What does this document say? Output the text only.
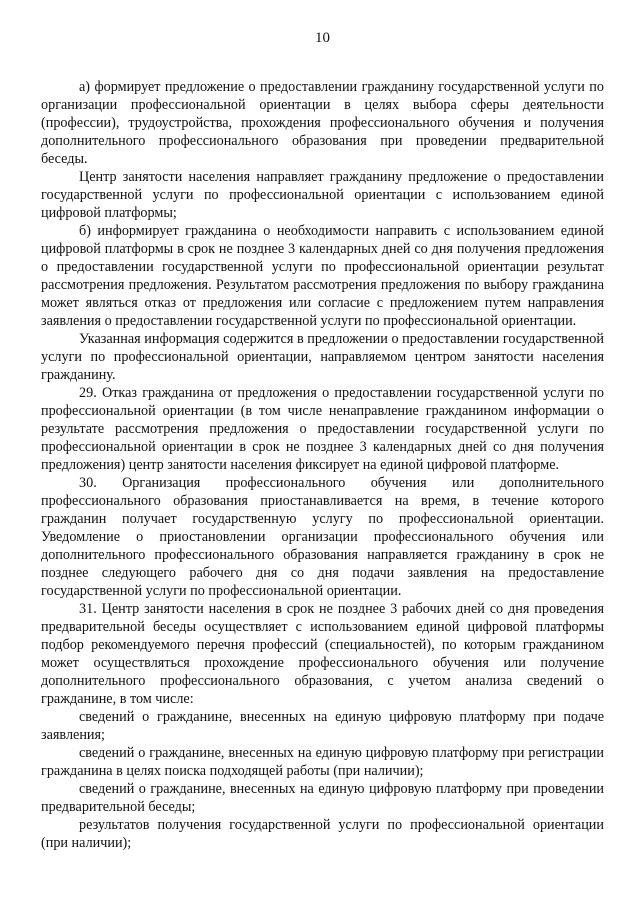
10

а) формирует предложение о предоставлении гражданину государственной услуги по организации профессиональной ориентации в целях выбора сферы деятельности (профессии), трудоустройства, прохождения профессионального обучения и получения дополнительного профессионального образования при проведении предварительной беседы.

Центр занятости населения направляет гражданину предложение о предоставлении государственной услуги по профессиональной ориентации с использованием единой цифровой платформы;

б) информирует гражданина о необходимости направить с использованием единой цифровой платформы в срок не позднее 3 календарных дней со дня получения предложения о предоставлении государственной услуги по профессиональной ориентации результат рассмотрения предложения. Результатом рассмотрения предложения по выбору гражданина может являться отказ от предложения или согласие с предложением путем направления заявления о предоставлении государственной услуги по профессиональной ориентации.

Указанная информация содержится в предложении о предоставлении государственной услуги по профессиональной ориентации, направляемом центром занятости населения гражданину.

29. Отказ гражданина от предложения о предоставлении государственной услуги по профессиональной ориентации (в том числе ненаправление гражданином информации о результате рассмотрения предложения о предоставлении государственной услуги по профессиональной ориентации в срок не позднее 3 календарных дней со дня получения предложения) центр занятости населения фиксирует на единой цифровой платформе.

30. Организация профессионального обучения или дополнительного профессионального образования приостанавливается на время, в течение которого гражданин получает государственную услугу по профессиональной ориентации. Уведомление о приостановлении организации профессионального обучения или дополнительного профессионального образования направляется гражданину в срок не позднее следующего рабочего дня со дня подачи заявления на предоставление государственной услуги по профессиональной ориентации.

31. Центр занятости населения в срок не позднее 3 рабочих дней со дня проведения предварительной беседы осуществляет с использованием единой цифровой платформы подбор рекомендуемого перечня профессий (специальностей), по которым гражданином может осуществляться прохождение профессионального обучения или получение дополнительного профессионального образования, с учетом анализа сведений о гражданине, в том числе:

сведений о гражданине, внесенных на единую цифровую платформу при подаче заявления;

сведений о гражданине, внесенных на единую цифровую платформу при регистрации гражданина в целях поиска подходящей работы (при наличии);

сведений о гражданине, внесенных на единую цифровую платформу при проведении предварительной беседы;

результатов получения государственной услуги по профессиональной ориентации (при наличии);
